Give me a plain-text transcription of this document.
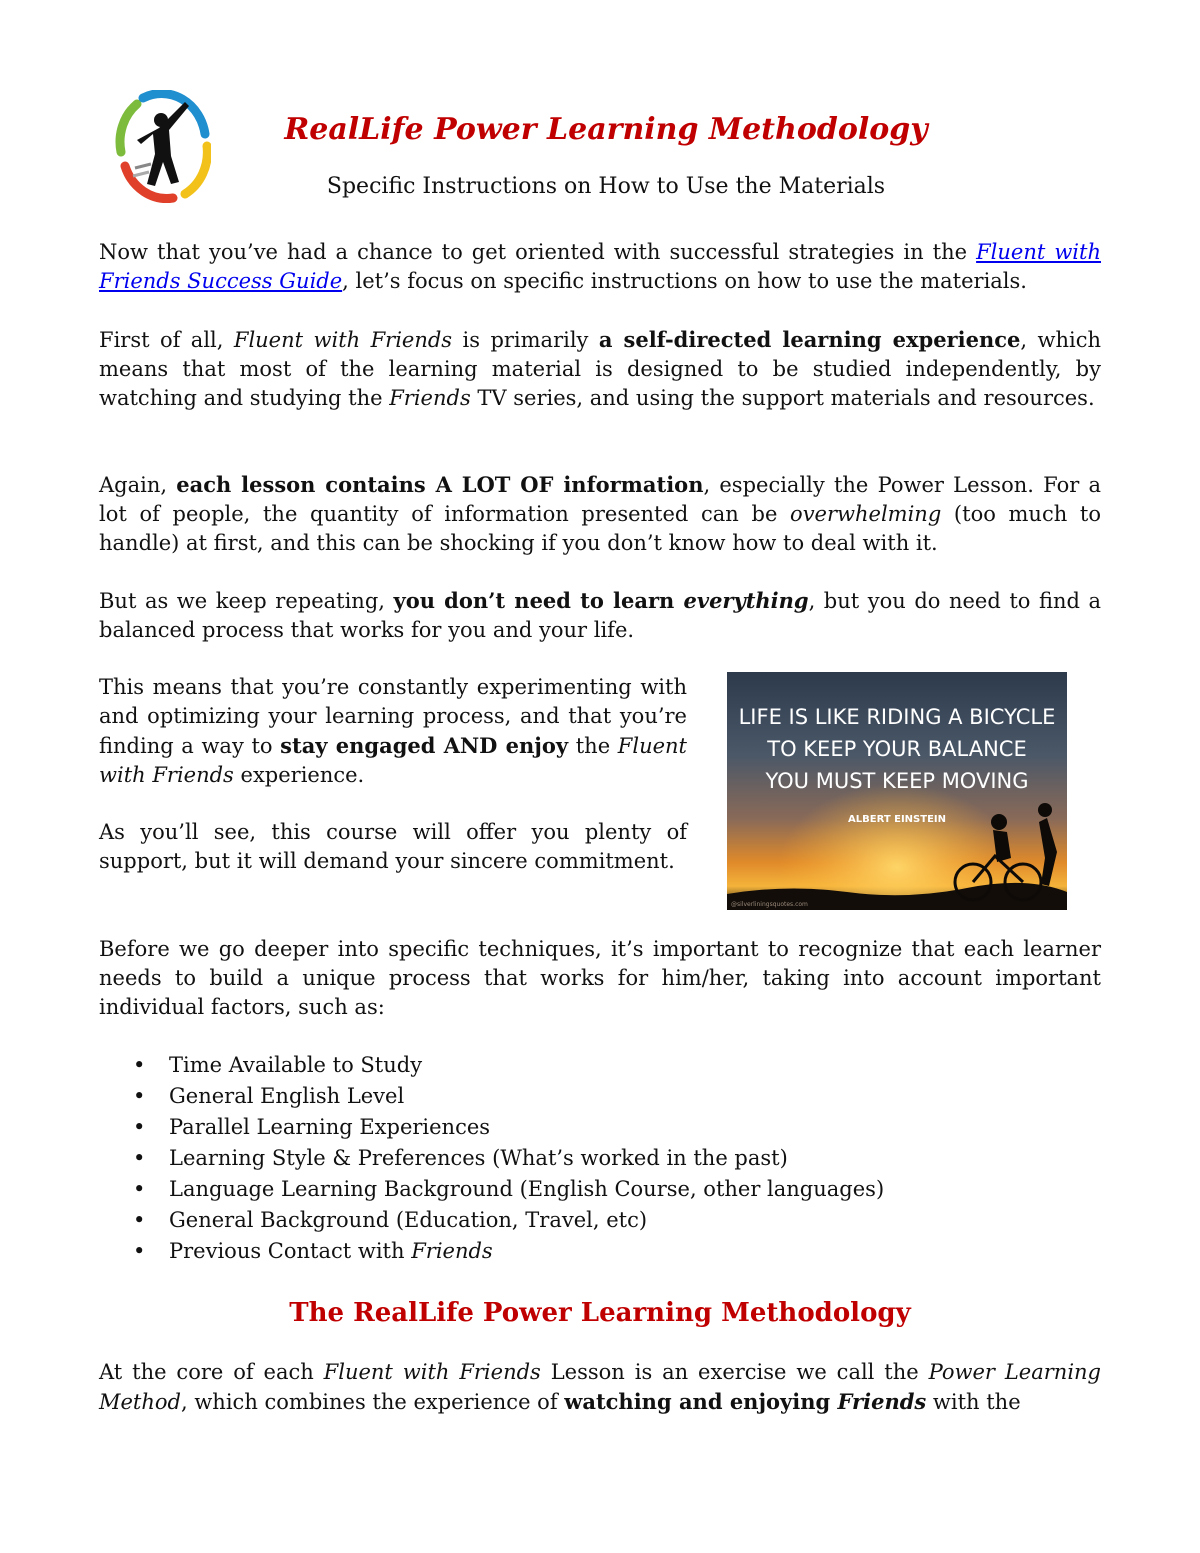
RealLife Power Learning Methodology
Specific Instructions on How to Use the Materials

Now that you’ve had a chance to get oriented with successful strategies in the Fluent with Friends Success Guide, let’s focus on specific instructions on how to use the materials.

First of all, Fluent with Friends is primarily a self-directed learning experience, which means that most of the learning material is designed to be studied independently, by watching and studying the Friends TV series, and using the support materials and resources.

Again, each lesson contains A LOT OF information, especially the Power Lesson. For a lot of people, the quantity of information presented can be overwhelming (too much to handle) at first, and this can be shocking if you don’t know how to deal with it.

But as we keep repeating, you don’t need to learn everything, but you do need to find a balanced process that works for you and your life.

This means that you’re constantly experimenting with and optimizing your learning process, and that you’re finding a way to stay engaged AND enjoy the Fluent with Friends experience.

As you’ll see, this course will offer you plenty of support, but it will demand your sincere commitment.

LIFE IS LIKE RIDING A BICYCLE
TO KEEP YOUR BALANCE
YOU MUST KEEP MOVING
ALBERT EINSTEIN
@silverliningsquotes.com

Before we go deeper into specific techniques, it’s important to recognize that each learner needs to build a unique process that works for him/her, taking into account important individual factors, such as:

• Time Available to Study
• General English Level
• Parallel Learning Experiences
• Learning Style & Preferences (What’s worked in the past)
• Language Learning Background (English Course, other languages)
• General Background (Education, Travel, etc)
• Previous Contact with Friends
The RealLife Power Learning Methodology

At the core of each Fluent with Friends Lesson is an exercise we call the Power Learning Method, which combines the experience of watching and enjoying Friends with the
